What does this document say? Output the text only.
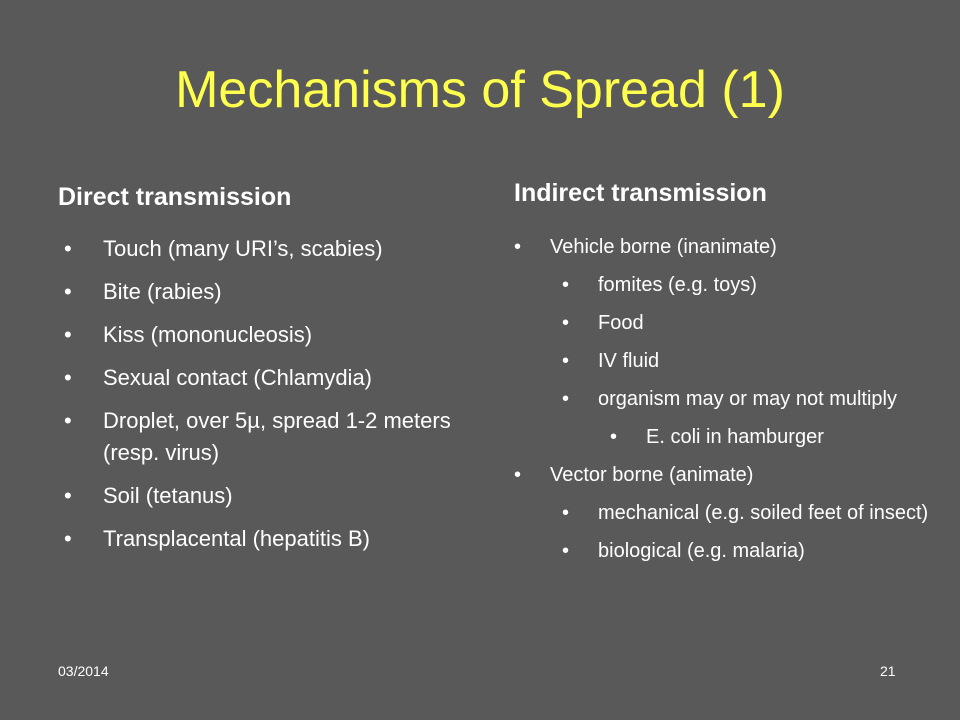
Mechanisms of Spread (1)
Direct transmission
• Touch (many URI’s, scabies)
• Bite (rabies)
• Kiss (mononucleosis)
• Sexual contact (Chlamydia)
• Droplet, over 5µ, spread 1-2 meters (resp. virus)
• Soil (tetanus)
• Transplacental (hepatitis B)
Indirect transmission
• Vehicle borne (inanimate)
• fomites (e.g. toys)
• Food
• IV fluid
• organism may or may not multiply
• E. coli in hamburger
• Vector borne (animate)
• mechanical (e.g. soiled feet of insect)
• biological (e.g. malaria)
03/2014	21
